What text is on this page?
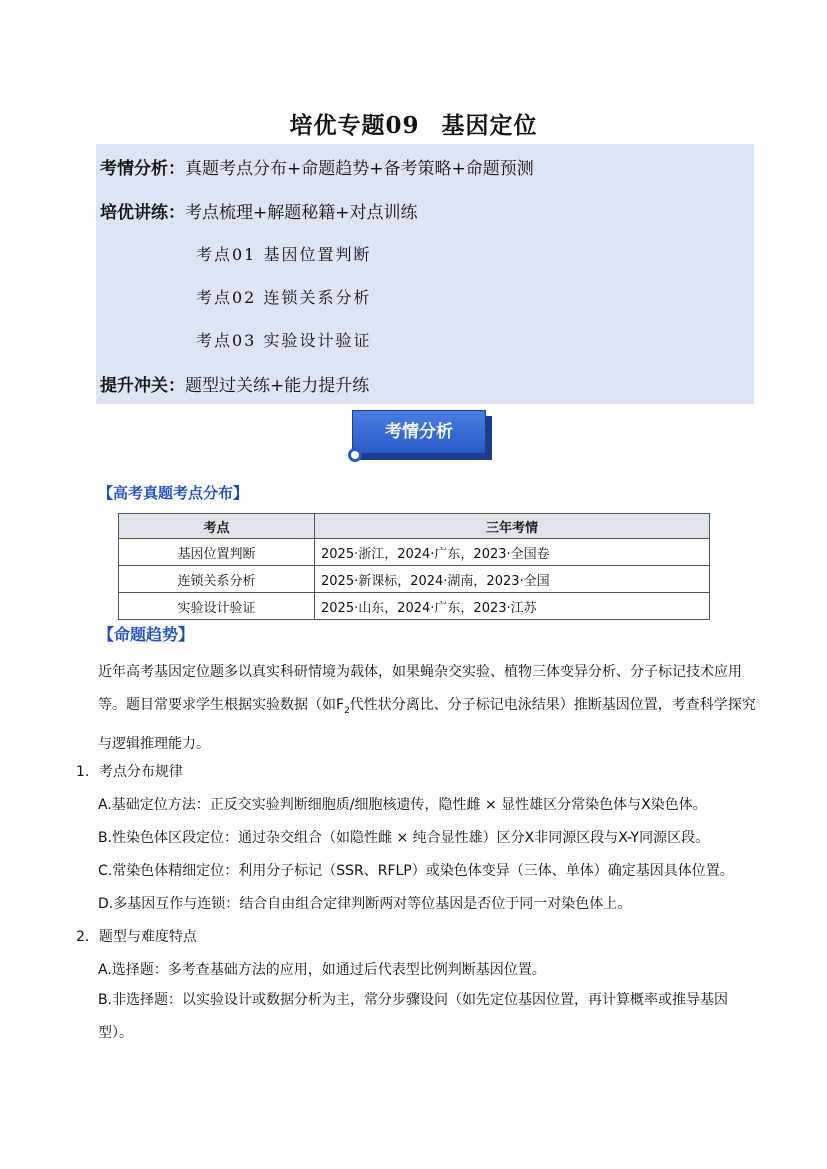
培优专题09 基因定位
考情分析：真题考点分布+命题趋势+备考策略+命题预测
培优讲练：考点梳理+解题秘籍+对点训练
考点01 基因位置判断
考点02 连锁关系分析
考点03 实验设计验证
提升冲关：题型过关练+能力提升练
考情分析
【高考真题考点分布】
考点	三年考情
基因位置判断	2025·浙江，2024·广东，2023·全国卷
连锁关系分析	2025·新课标，2024·湖南，2023·全国
实验设计验证	2025·山东，2024·广东，2023·江苏
【命题趋势】
近年高考基因定位题多以真实科研情境为载体，如果蝇杂交实验、植物三体变异分析、分子标记技术应用等。题目常要求学生根据实验数据（如$F_2$代性状分离比、分子标记电泳结果）推断基因位置，考查科学探究与逻辑推理能力。
1．考点分布规律
A.基础定位方法：正反交实验判断细胞质/细胞核遗传，隐性雌 × 显性雄区分常染色体与X染色体。
B.性染色体区段定位：通过杂交组合（如隐性雌 × 纯合显性雄）区分X非同源区段与X-Y同源区段。
C.常染色体精细定位：利用分子标记（SSR、RFLP）或染色体变异（三体、单体）确定基因具体位置。
D.多基因互作与连锁：结合自由组合定律判断两对等位基因是否位于同一对染色体上。
2．题型与难度特点
A.选择题：多考查基础方法的应用，如通过后代表型比例判断基因位置。
B.非选择题：以实验设计或数据分析为主，常分步骤设问（如先定位基因位置，再计算概率或推导基因型）。
